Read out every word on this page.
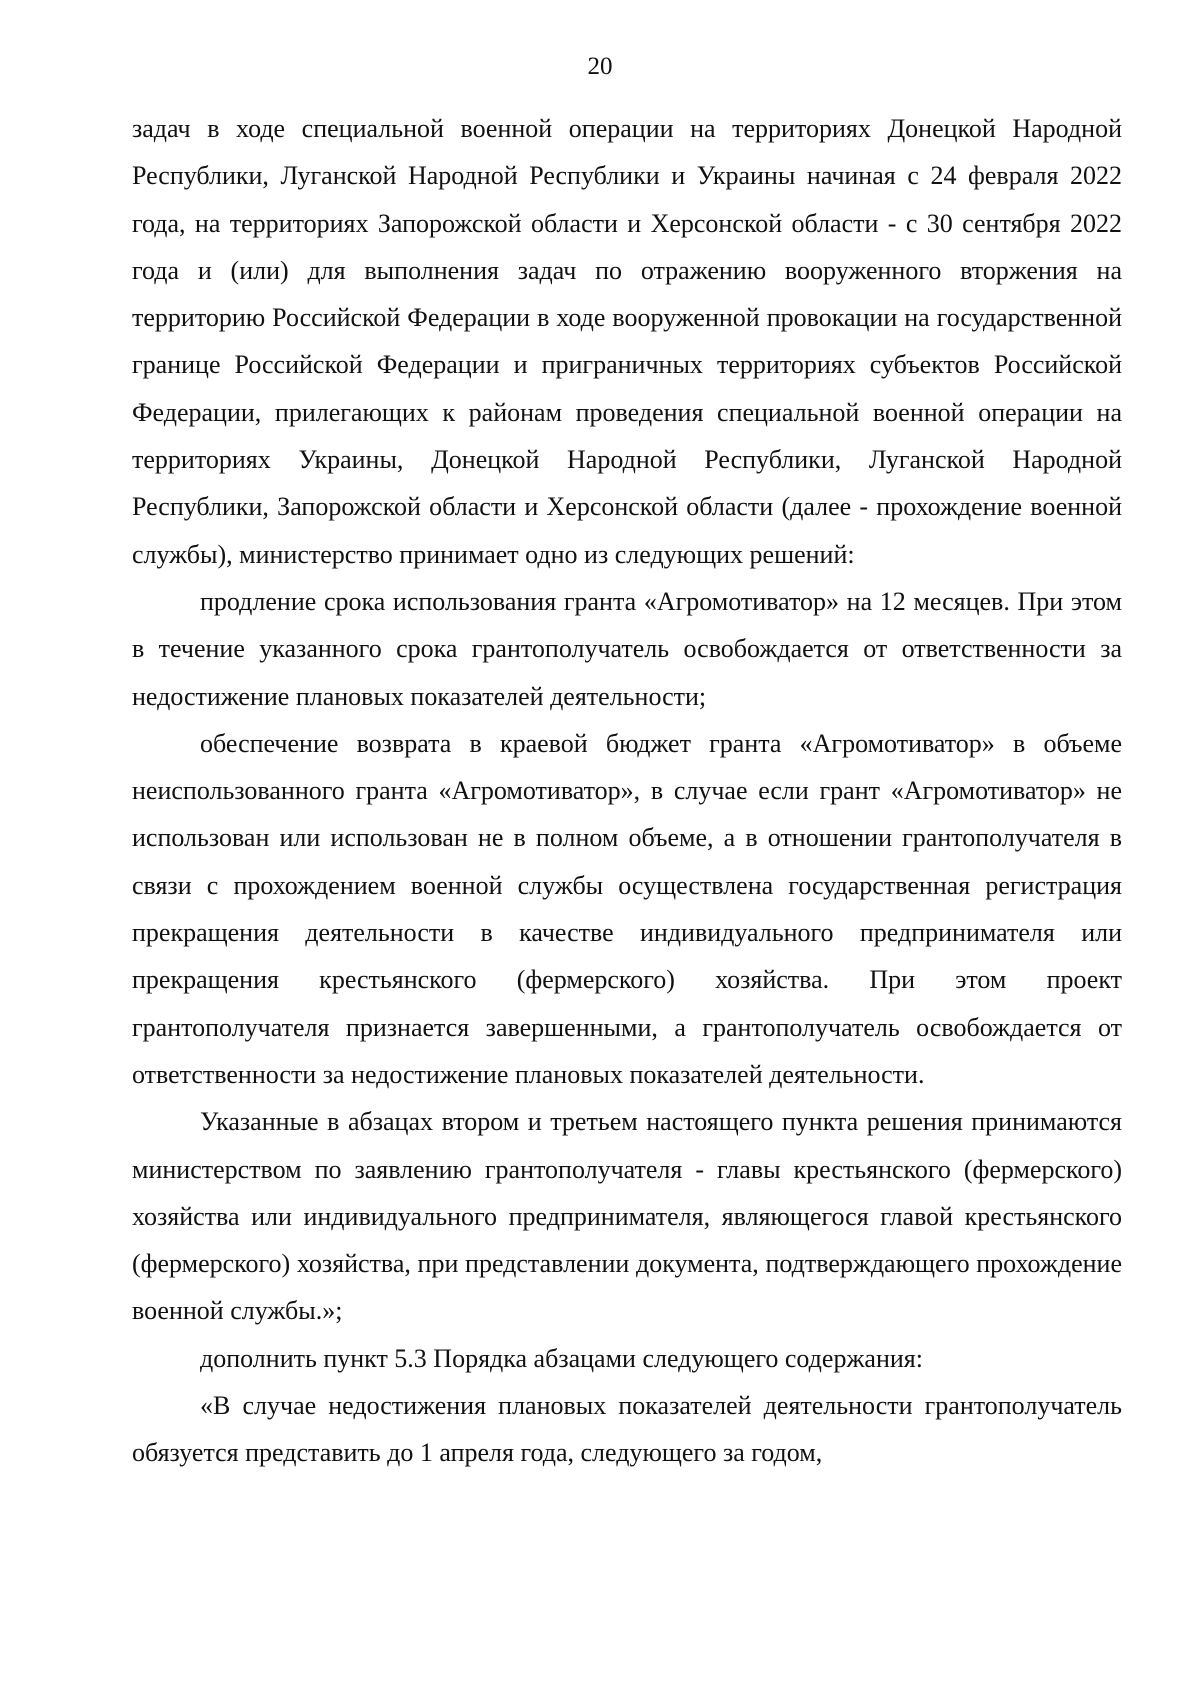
20

задач в ходе специальной военной операции на территориях Донецкой Народной Республики, Луганской Народной Республики и Украины начиная с 24 февраля 2022 года, на территориях Запорожской области и Херсонской области - с 30 сентября 2022 года и (или) для выполнения задач по отражению вооруженного вторжения на территорию Российской Федерации в ходе вооруженной провокации на государственной границе Российской Федерации и приграничных территориях субъектов Российской Федерации, прилегающих к районам проведения специальной военной операции на территориях Украины, Донецкой Народной Республики, Луганской Народной Республики, Запорожской области и Херсонской области (далее - прохождение военной службы), министерство принимает одно из следующих решений:

продление срока использования гранта «Агромотиватор» на 12 месяцев. При этом в течение указанного срока грантополучатель освобождается от ответственности за недостижение плановых показателей деятельности;

обеспечение возврата в краевой бюджет гранта «Агромотиватор» в объеме неиспользованного гранта «Агромотиватор», в случае если грант «Агромотиватор» не использован или использован не в полном объеме, а в отношении грантополучателя в связи с прохождением военной службы осуществлена государственная регистрация прекращения деятельности в качестве индивидуального предпринимателя или прекращения крестьянского (фермерского) хозяйства. При этом проект грантополучателя признается завершенными, а грантополучатель освобождается от ответственности за недостижение плановых показателей деятельности.

Указанные в абзацах втором и третьем настоящего пункта решения принимаются министерством по заявлению грантополучателя - главы крестьянского (фермерского) хозяйства или индивидуального предпринимателя, являющегося главой крестьянского (фермерского) хозяйства, при представлении документа, подтверждающего прохождение военной службы.»;

дополнить пункт 5.3 Порядка абзацами следующего содержания:

«В случае недостижения плановых показателей деятельности грантополучатель обязуется представить до 1 апреля года, следующего за годом,
